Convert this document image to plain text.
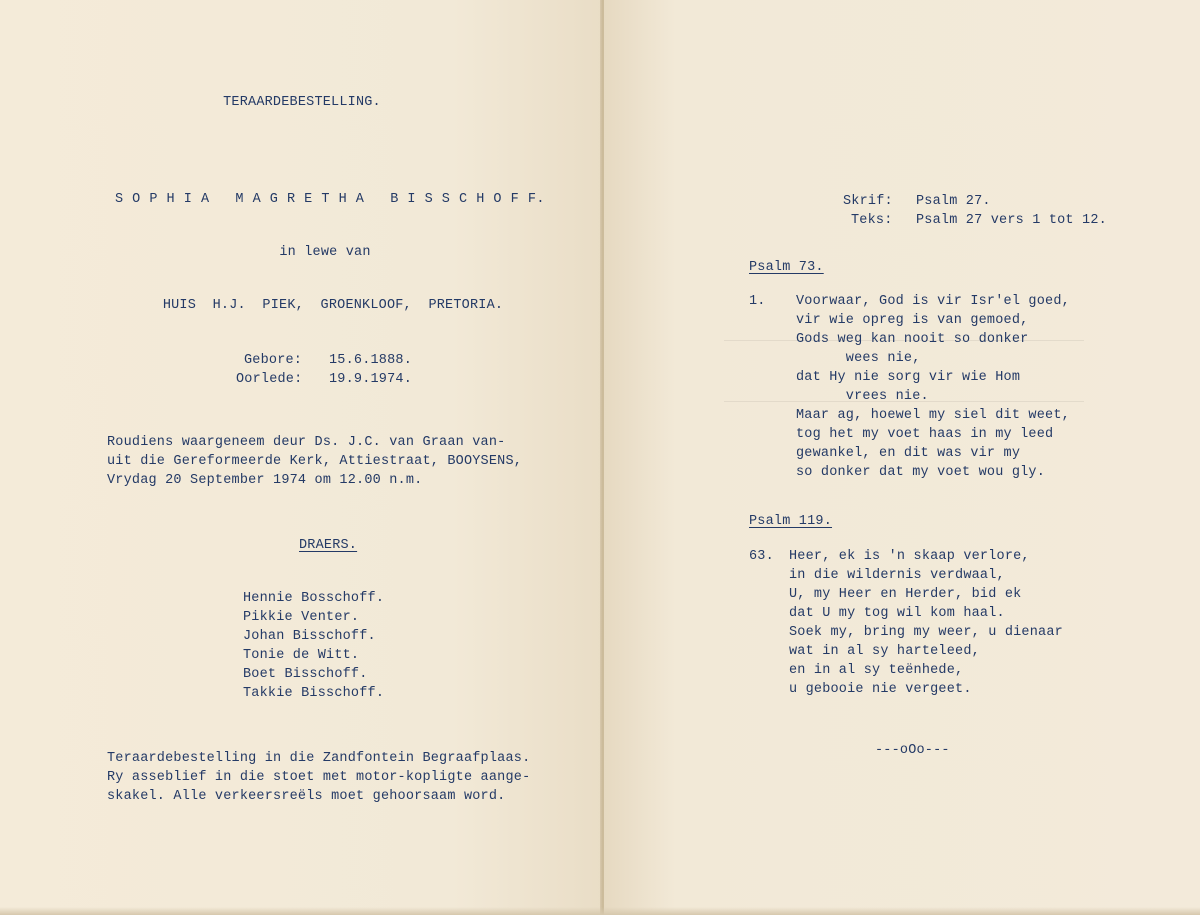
TERAARDEBESTELLING.
S O P H I A   M A G R E T H A   B I S S C H O F F.
in lewe van
HUIS  H.J.  PIEK,  GROENKLOOF,  PRETORIA.
Gebore: 15.6.1888.
Oorlede: 19.9.1974.
Roudiens waargeneem deur Ds. J.C. van Graan van-
uit die Gereformeerde Kerk, Attiestraat, BOOYSENS,
Vrydag 20 September 1974 om 12.00 n.m.
DRAERS.
Hennie Bosschoff.
Pikkie Venter.
Johan Bisschoff.
Tonie de Witt.
Boet Bisschoff.
Takkie Bisschoff.
Teraardebestelling in die Zandfontein Begraafplaas.
Ry asseblief in die stoet met motor-kopligte aange-
skakel. Alle verkeersreëls moet gehoorsaam word.
Skrif: Psalm 27.
Teks: Psalm 27 vers 1 tot 12.
Psalm 73.
1. Voorwaar, God is vir Isr'el goed,
vir wie opreg is van gemoed,
Gods weg kan nooit so donker
wees nie,
dat Hy nie sorg vir wie Hom
vrees nie.
Maar ag, hoewel my siel dit weet,
tog het my voet haas in my leed
gewankel, en dit was vir my
so donker dat my voet wou gly.
Psalm 119.
63. Heer, ek is 'n skaap verlore,
in die wildernis verdwaal,
U, my Heer en Herder, bid ek
dat U my tog wil kom haal.
Soek my, bring my weer, u dienaar
wat in al sy harteleed,
en in al sy teënhede,
u gebooie nie vergeet.
---oOo---
